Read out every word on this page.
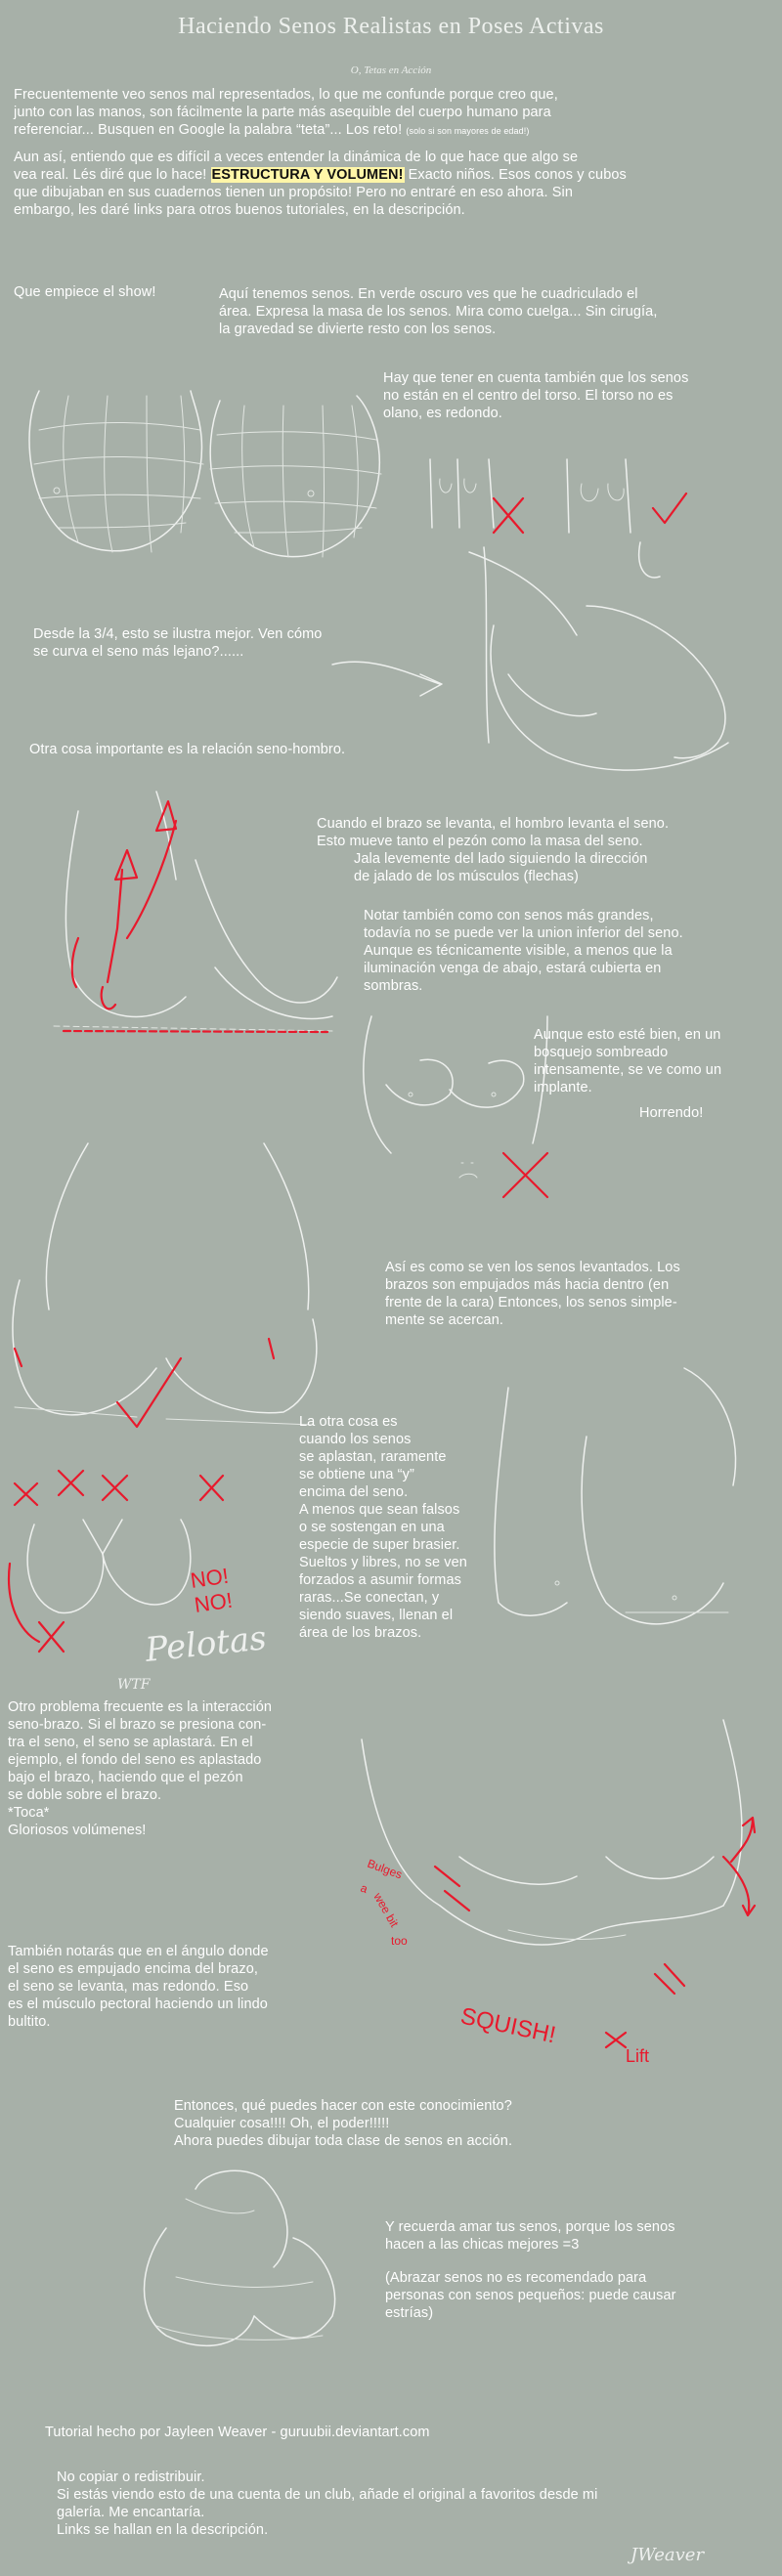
Haciendo Senos Realistas en Poses Activas
O, Tetas en Acción
Frecuentemente veo senos mal representados, lo que me confunde porque creo que,
junto con las manos, son fácilmente la parte más asequible del cuerpo humano para
referenciar... Busquen en Google la palabra “teta”... Los reto! (solo si son mayores de edad!)
Aun así, entiendo que es difícil a veces entender la dinámica de lo que hace que algo se
vea real. Lés diré que lo hace! ESTRUCTURA Y VOLUMEN! Exacto niños. Esos conos y cubos
que dibujaban en sus cuadernos tienen un propósito! Pero no entraré en eso ahora. Sin
embargo, les daré links para otros buenos tutoriales, en la descripción.
Que empiece el show!	Aquí tenemos senos. En verde oscuro ves que he cuadriculado el
área. Expresa la masa de los senos. Mira como cuelga... Sin cirugía,
la gravedad se divierte resto con los senos.
NO!
NO!
Pelotas
WTF
Bulges
a
wee bit
too
SQUISH!
Lift
JWeaver
Hay que tener en cuenta también que los senos
no están en el centro del torso. El torso no es
olano, es redondo.
Desde la 3/4, esto se ilustra mejor. Ven cómo
se curva el seno más lejano?......
Otra cosa importante es la relación seno-hombro.
Cuando el brazo se levanta, el hombro levanta el seno.
Esto mueve tanto el pezón como la masa del seno.
Jala levemente del lado siguiendo la dirección
de jalado de los músculos (flechas)
Notar también como con senos más grandes,
todavía no se puede ver la union inferior del seno.
Aunque es técnicamente visible, a menos que la
iluminación venga de abajo, estará cubierta en
sombras.
Aunque esto esté bien, en un
bosquejo sombreado
intensamente, se ve como un
implante.
Horrendo!
Así es como se ven los senos levantados. Los
brazos son empujados más hacia dentro (en
frente de la cara) Entonces, los senos simple-
mente se acercan.
La otra cosa es
cuando los senos
se aplastan, raramente
se obtiene una “y”
encima del seno.
A menos que sean falsos
o se sostengan en una
especie de super brasier.
Sueltos y libres, no se ven
forzados a asumir formas
raras...Se conectan, y
siendo suaves, llenan el
área de los brazos.
Otro problema frecuente es la interacción
seno-brazo. Si el brazo se presiona con-
tra el seno, el seno se aplastará. En el
ejemplo, el fondo del seno es aplastado
bajo el brazo, haciendo que el pezón
se doble sobre el brazo.
*Toca*
Gloriosos volúmenes!
También notarás que en el ángulo donde
el seno es empujado encima del brazo,
el seno se levanta, mas redondo. Eso
es el músculo pectoral haciendo un lindo
bultito.
Entonces, qué puedes hacer con este conocimiento?
Cualquier cosa!!!! Oh, el poder!!!!!
Ahora puedes dibujar toda clase de senos en acción.
Y recuerda amar tus senos, porque los senos
hacen a las chicas mejores =3
(Abrazar senos no es recomendado para
personas con senos pequeños: puede causar
estrías)
Tutorial hecho por Jayleen Weaver - guruubii.deviantart.com
No copiar o redistribuir.
Si estás viendo esto de una cuenta de un club, añade el original a favoritos desde mi
galería. Me encantaría.
Links se hallan en la descripción.
